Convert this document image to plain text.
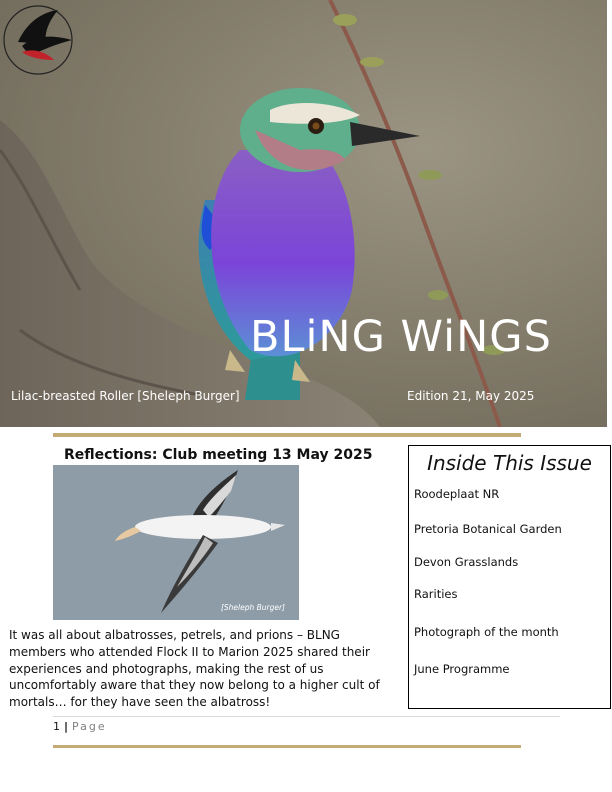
BLiNG WiNGS
Lilac-breasted Roller [Sheleph Burger]	Edition 21, May 2025
Reflections: Club meeting 13 May 2025
[Sheleph Burger]
It was all about albatrosses, petrels, and prions – BLNG members who attended Flock II to Marion 2025 shared their experiences and photographs, making the rest of us uncomfortably aware that they now belong to a higher cult of mortals… for they have seen the albatross!
Inside This Issue
Roodeplaat NR
Pretoria Botanical Garden
Devon Grasslands
Rarities
Photograph of the month
June Programme
1 | Page
